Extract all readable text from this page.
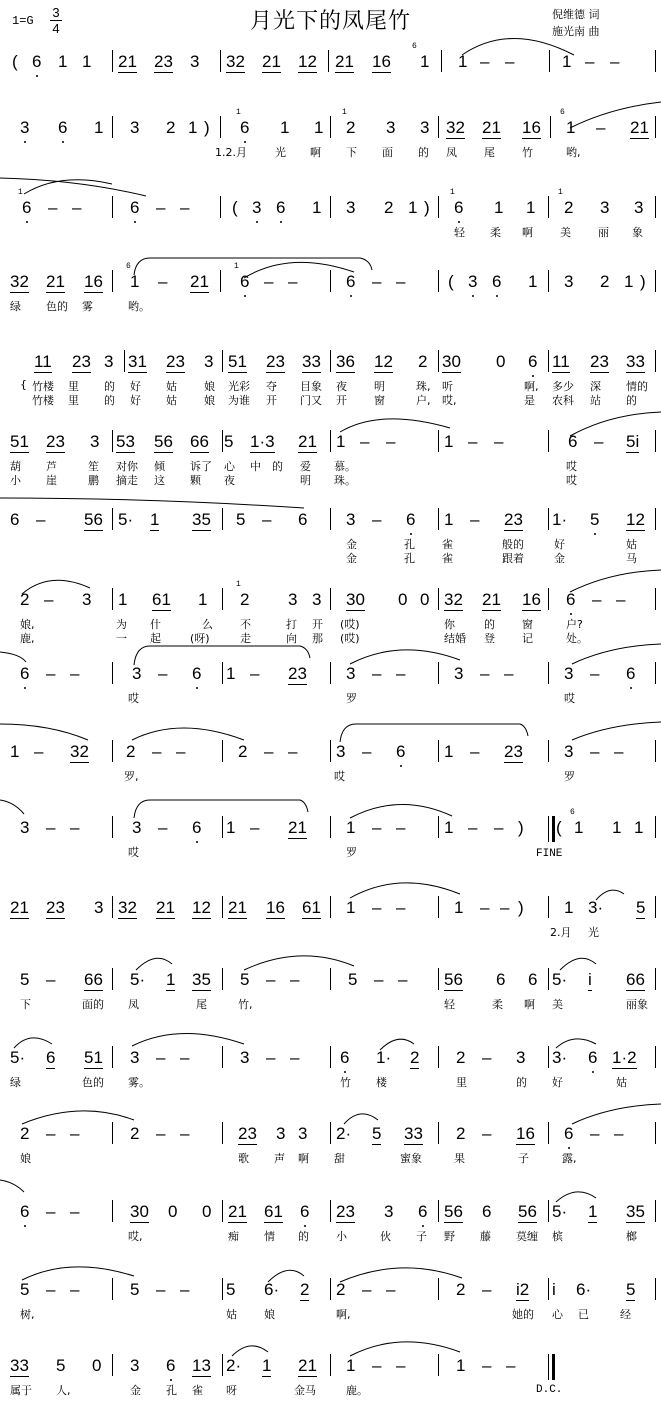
1=G
3
4	月光下的凤尾竹	倪维德 词
施光南 曲
( 6 1 1 21 23 3 32 21 12 21 16 1 1 – –	1 – –
6
3 6 1 3 2 1 ) 6 1 1 2 3 3 32 21 16 1 – 21
1.2.月	光 啊 下 面 的 凤 尾 竹	哟,
1	1	6
6 – –	6 – –	( 3 6 1 3 2 1 ) 6 1 1 2 3 3
轻 柔 啊 美 丽 象
1	1	1
32 21 16 1 – 21 6 – –	6 – –	( 3 6 1 3 2 1 )
绿 色的 雾	哟。
6	1
11 23 3 31 23 3 51 23 33 36 12 2 30 0 6 11 23 33
{ 竹楼 里 的 好 姑 娘 光彩 夺 目象 夜 明	珠, 听	啊, 多少 深 情的
竹楼 里 的 好 姑 娘 为谁 开 门又 开 窗	户, 哎,	是 农科 站 的
51 23 3 53 56 66 5 1·3 21 1 – –	1 – –	6 – 5i
葫 芦	笙 对你 倾 诉了 心 中 的 爱 慕。	哎
小 崖	鹏 摘走 这 颗 夜	明 珠。	哎
6 – 56 5· 1 35 5 – 6 3 – 6 1 – 23 1· 5 12
金	孔 雀	般的	好	姑
金	孔 雀	跟着	金	马
2 – 3 1 61 1 2 3 3 30 0 0 32 21 16 6 – –
娘,	为 什	么 不	打 开 (哎)	你	的 窗	户?
鹿,	一 起	(呀)	走	向 那 (哎)	结婚 登 记	处。
1
6 – –	3 – 6 1 – 23 3 – –	3 – –	3 – 6
哎	罗	哎
1 – 32 2 – –	2 – – 3 – 6 1 – 23 3 – –
罗,	哎	罗
3 – –	3 – 6 1 – 21 1 – – 1 – – ) ( 1 1 1
哎	罗	FINE
6
21 23 3 32 21 12 21 16 61 1 – –	1 – – ) 1 3· 5
2.月 光
5 – 66 5· 1 35 5 – –	5 – – 56 6 6 5· i 66
下	面的 凤	尾	竹,	轻	柔 啊 美	丽象
5· 6 51 3 – –	3 – – 6 1· 2 2 – 3 3· 6 1·2
绿	色的 雾。	竹 楼	里	的 好	姑
2 – –	2 – –	23 3 3 2· 5 33 2 – 16 6 – –
娘	歌 声 啊 甜	蜜象	果	子	露,
6 – –	30 0 0 21 61 6 23 3 6 56 6 56 5· 1 35
哎,	痴 情 的 小	伙 子 野 藤 莫缠 槟	榔
5 – –	5 – – 5 6· 2 2 – –	2 – i2 i 6· 5
树,	姑 娘	啊,	她的 心 已	经
33 5 0 3 6 13 2· 1 21 1 – –	1 – –
属于 人,	金 孔 雀 呀	金马	鹿。	D.C.
